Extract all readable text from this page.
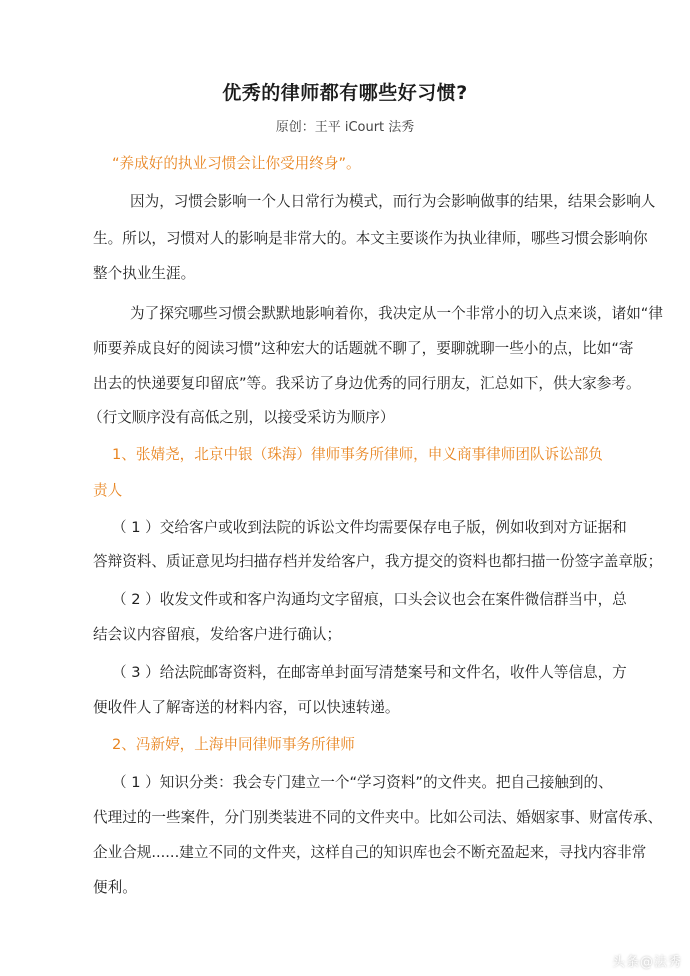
优秀的律师都有哪些好习惯?
原创：王平 iCourt 法秀
“养成好的执业习惯会让你受用终身”。
因为，习惯会影响一个人日常行为模式，而行为会影响做事的结果，结果会影响人
生。所以，习惯对人的影响是非常大的。本文主要谈作为执业律师，哪些习惯会影响你
整个执业生涯。
为了探究哪些习惯会默默地影响着你，我决定从一个非常小的切入点来谈，诸如“律
师要养成良好的阅读习惯”这种宏大的话题就不聊了，要聊就聊一些小的点，比如“寄
出去的快递要复印留底”等。我采访了身边优秀的同行朋友，汇总如下，供大家参考。
（行文顺序没有高低之别，以接受采访为顺序）
1、张婧尧，北京中银（珠海）律师事务所律师，申义商事律师团队诉讼部负
责人
（ 1 ）交给客户或收到法院的诉讼文件均需要保存电子版，例如收到对方证据和
答辩资料、质证意见均扫描存档并发给客户，我方提交的资料也都扫描一份签字盖章版；
（ 2 ）收发文件或和客户沟通均文字留痕，口头会议也会在案件微信群当中，总
结会议内容留痕，发给客户进行确认；
（ 3 ）给法院邮寄资料，在邮寄单封面写清楚案号和文件名，收件人等信息，方
便收件人了解寄送的材料内容，可以快速转递。
2、冯新婷，上海申同律师事务所律师
（ 1 ）知识分类：我会专门建立一个“学习资料”的文件夹。把自己接触到的、
代理过的一些案件，分门别类装进不同的文件夹中。比如公司法、婚姻家事、财富传承、
企业合规......建立不同的文件夹，这样自己的知识库也会不断充盈起来，寻找内容非常
便利。
头条@法秀
